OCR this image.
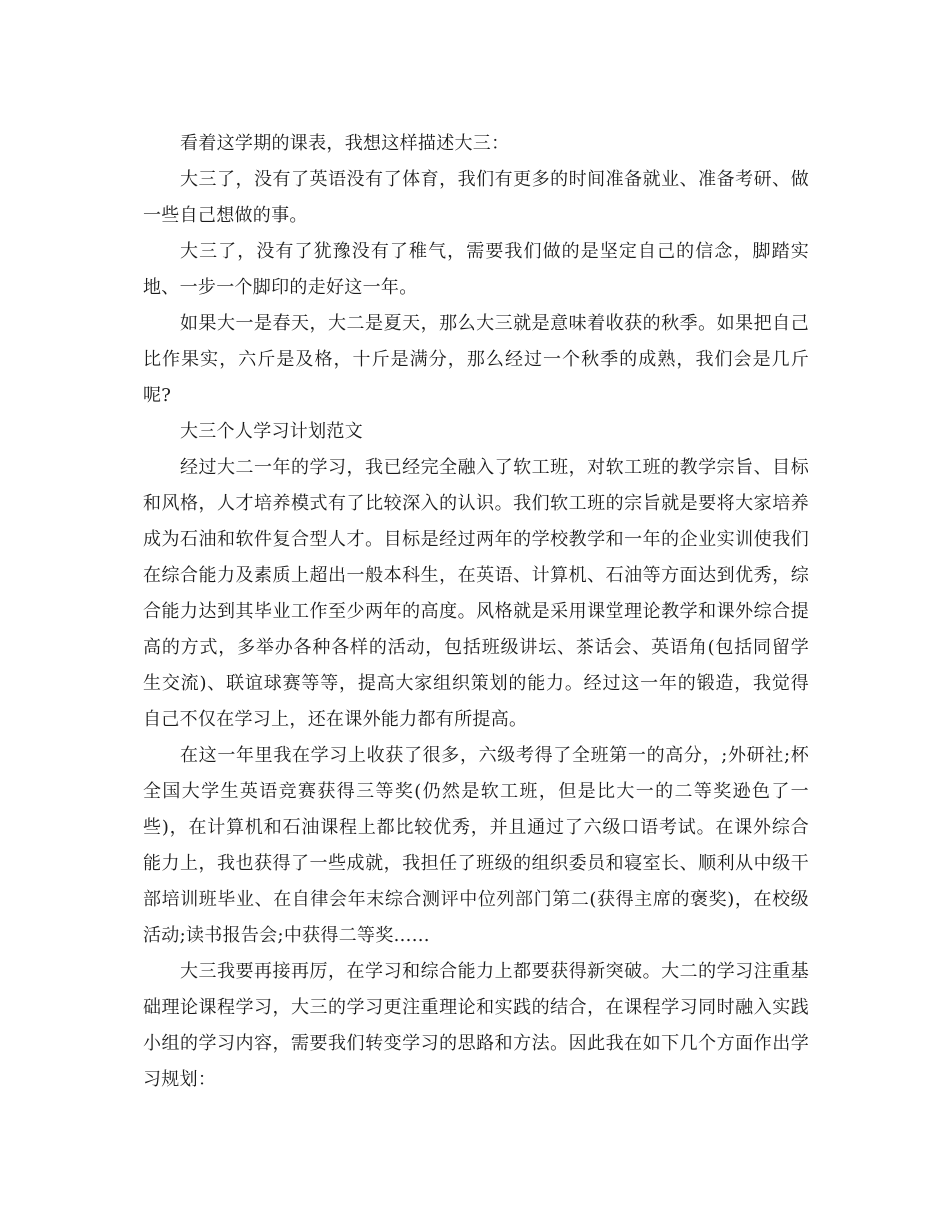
看着这学期的课表，我想这样描述大三：

大三了，没有了英语没有了体育，我们有更多的时间准备就业、准备考研、做一些自己想做的事。

大三了，没有了犹豫没有了稚气，需要我们做的是坚定自己的信念，脚踏实地、一步一个脚印的走好这一年。

如果大一是春天，大二是夏天，那么大三就是意味着收获的秋季。如果把自己比作果实，六斤是及格，十斤是满分，那么经过一个秋季的成熟，我们会是几斤呢?

大三个人学习计划范文

经过大二一年的学习，我已经完全融入了软工班，对软工班的教学宗旨、目标和风格，人才培养模式有了比较深入的认识。我们软工班的宗旨就是要将大家培养成为石油和软件复合型人才。目标是经过两年的学校教学和一年的企业实训使我们在综合能力及素质上超出一般本科生，在英语、计算机、石油等方面达到优秀，综合能力达到其毕业工作至少两年的高度。风格就是采用课堂理论教学和课外综合提高的方式，多举办各种各样的活动，包括班级讲坛、茶话会、英语角(包括同留学生交流)、联谊球赛等等，提高大家组织策划的能力。经过这一年的锻造，我觉得自己不仅在学习上，还在课外能力都有所提高。

在这一年里我在学习上收获了很多，六级考得了全班第一的高分，;外研社;杯全国大学生英语竞赛获得三等奖(仍然是软工班，但是比大一的二等奖逊色了一些)，在计算机和石油课程上都比较优秀，并且通过了六级口语考试。在课外综合能力上，我也获得了一些成就，我担任了班级的组织委员和寝室长、顺利从中级干部培训班毕业、在自律会年末综合测评中位列部门第二(获得主席的褒奖)，在校级活动;读书报告会;中获得二等奖......

大三我要再接再厉，在学习和综合能力上都要获得新突破。大二的学习注重基础理论课程学习，大三的学习更注重理论和实践的结合，在课程学习同时融入实践小组的学习内容，需要我们转变学习的思路和方法。因此我在如下几个方面作出学习规划：
